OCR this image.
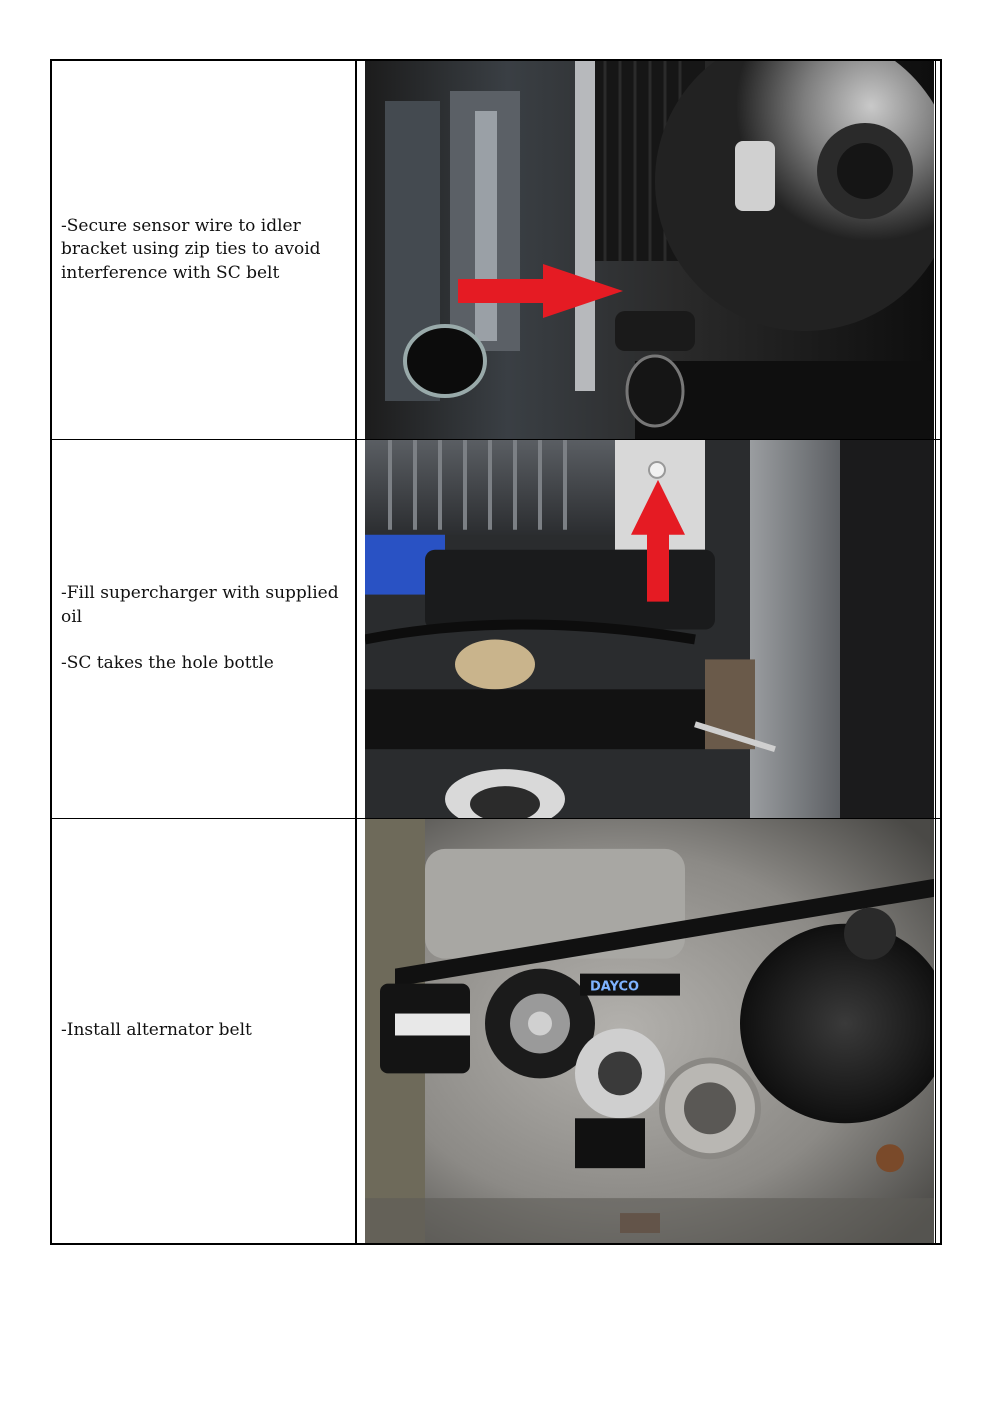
-Secure sensor wire to idler bracket using zip ties to avoid interference with SC belt

-Fill supercharger with supplied oil

-SC takes the hole bottle

-Install alternator belt

DAYCO
